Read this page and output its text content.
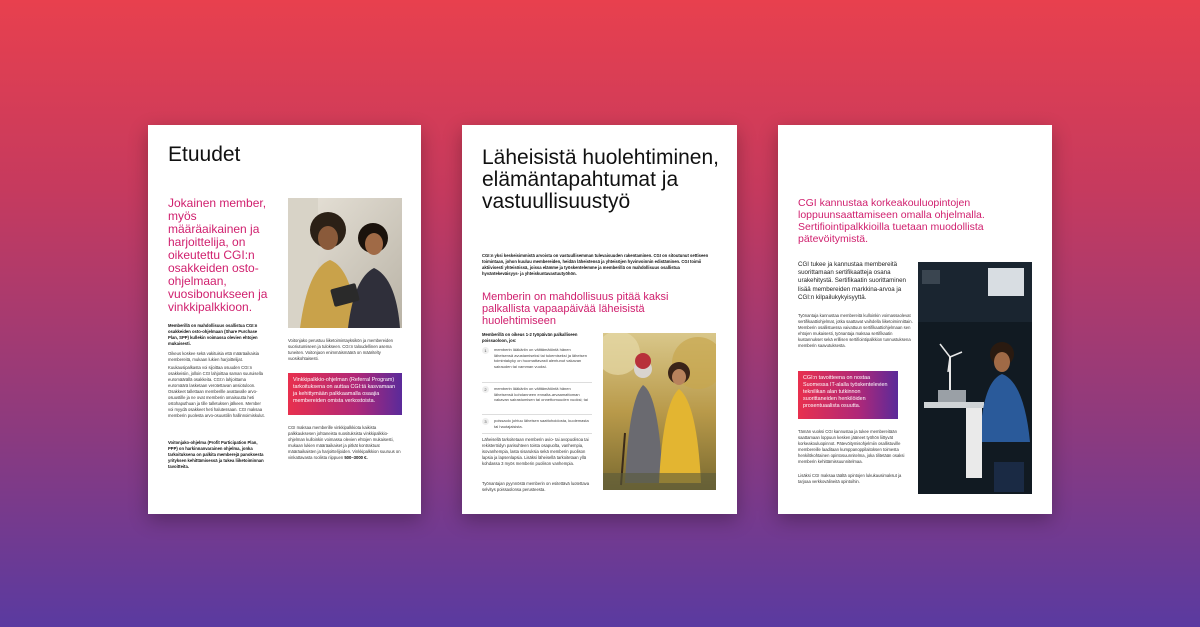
Etuudet
Jokainen member, myös määräaikainen ja harjoittelija, on oikeutettu CGI:n osakkeiden osto-ohjelmaan, vuosibonukseen ja vinkkipalkkioon.
Memberillä on mahdollisuus osallistua CGI:n osakkeiden osto-ohjelmaan (Share Purchase Plan, SPP) kullekin voimassa olevien ehtojen mukaisesti.
Oikeus koskee sekä vakituisia että määräaikaisia membereitä, mukaan lukien harjoittelijat.
Kuukausipalkasta voi sijoittaa osuuden CGI:n osakkeisiin, jolloin CGI lahjoittaa saman suuruisella euromäärällä osakkeita. CGI:n lahjoittama euromäärä lasketaan verotettavan ansiotuloon. Osakkeet tallettaan memberille avattavalle arvo-osuustille ja ne ovat memberin omaisuutta heti ostohaputhuan ja tille talletuksen jälkeen. Member voi myydä osakkeet heti halutessaan. CGI maksaa memberin puolesta arvo-osuustilin hallinnoimiskulut.
Voitonjako-ohjelma (Profit Participation Plan, PPP) on harkinnanvarainen ohjelma, jonka tarkoituksena on palkita memberejä panoksesta yrityksen kehittämisessä ja tukea liiketoiminnan tavoitteita.
Voitonjako perustuu liiketoimintayksikön ja membereiden suoriutumiseen ja tulokseen. CGI:n taloudellinen asema tuneiten. Voitonjaon enimmäismäärä on määritelty vuosikohtaisesti.
Vinkkipalkkio-ohjelman (Referral Program) tarkoituksena on auttaa CGI:tä kasvamaan ja kehittymään palkkaamalla osaajia membereiden omista verkostoista.
CGI maksaa memberille vinkkipalkkiota kaikista palkkauksesen johtaneista suosituksista vinkkipalkkio-ohjelman kulloinkin voimassa olevien ehtojen mukaisesti, mukaan lukien määräaikaiset ja pitkät kontraktuat määräaikaisten ja harjoittelijoiden. Vinkkipalkkion suuruus on vinkattavasta roolista riippuen 500–3000 €.
Läheisistä huolehtiminen, elämäntapahtumat ja vastuullisuustyö
CGI:n yksi keskeisimmistä arvoista on vastuullisemman tulevaisuuden rakentaminen. CGI on sitoutunut settiseen toimintaan, johon kuuluu membereiden, heidän läheistensä ja yhteisöjen hyvinvoinnin edistäminen. CGI toimii aktiivisesti yhteisöissä, joissa elämme ja työskentelemme ja memberillä on mahdollisuus osallistua hyväntekeväisyys- ja yhteiskuntavastuutyöhön.
Memberin on mahdollisuus pitää kaksi palkallista vapaapäivää läheisistä huolehtimiseen
Memberillä on oikeus 1-2 työpäivän palkalliseen poissaoloon, jos:
1	memberin lääkäriin on välttämätöntä hänen läheisensä avustamiseksi tai tukemiseksi ja läheisen toimintakyky on huomattavasti alentunut vakavan sairauden tai vamman vuoksi.
2	memberin lääkäriin on välttämätöntä hänen läheisensä kohdanneen ennalta-arvaamattoman vakavan sairastumisen tai onnettomuuden vuoksi; tai
3	poissaolo johtuu läheisen saattohoidosta, kuolemasta tai hautajaisista.
Läheisellä tarkoitetaan memberin avio- tai avopuolisoa tai rekisteröidyn parisuhteen toista osapuolta, vanhempia, isovanhempia, lasta sisaruksia sekä memberin puolison lapsia ja lapsenlapsia. Lisäksi läheisellä tarkoitetaan yllä kohdassa 3 myös memberin puolison vanhempia.
Työnantajan pyynnöstä memberin on esitettävä luotettava selvitys poissaolonsa perusteesta.
CGI kannustaa korkeakouluopintojen loppuunsaattamiseen omalla ohjelmalla. Sertifiointipalkkioilla tuetaan muodollista pätevöitymistä.
CGI tukee ja kannustaa membereitä suorittamaan sertifikaatteja osana urakehitystä. Sertifikaatin suorittaminen lisää membereiden markkina-arvoa ja CGI:n kilpailukykyisyyttä.
Työnantaja kannustaa membereitä kulloinkin voimassaolevat sertifikaattiohjelmat, jotka saattavat vaihdella liiketoiminnittain. Memberin osallistuessa vaivattuun sertifikaattiohjelmaan sen ehtojen mukaisesti, työnantaja maksaa sertifikaatin kustannukset sekä erillisen sertifiointipalkkion tunnustuksena memberin saavutuksesta.
CGI:n tavoitteena on nostaa Suomessa IT-alalla työskentelevien teknilikan alan tutkinnon suorittaneiden henkilöiden prosentuaalista osuutta.
Tämän vuoksi CGI kannustaa ja tukee membereitään saattamaan loppuun kesken jääneet työhön liittyvät korkeakouluopinnot. Pätevöitymisohjelmiin osallistuville membereille laaditaan kumppanoppilaitoksen toimesta henkilökohtainen opintosuunnitelma, joka tilitetään osaksi memberin kehittämissuunnitelmaa.
Lisäksi CGI maksaa täältä opintojen lukukausimaksut ja tarjoaa verkkovälineitä opintoihin.
